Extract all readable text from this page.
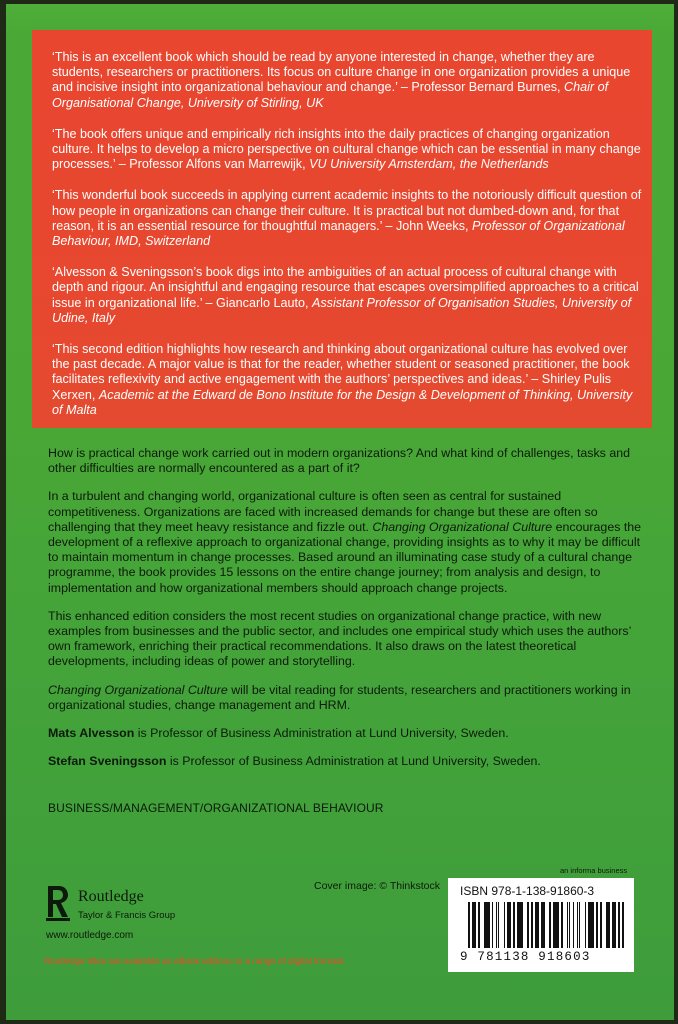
‘This is an excellent book which should be read by anyone interested in change, whether they are students, researchers or practitioners. Its focus on culture change in one organization provides a unique and incisive insight into organizational behaviour and change.’ – Professor Bernard Burnes, Chair of Organisational Change, University of Stirling, UK
‘The book offers unique and empirically rich insights into the daily practices of changing organization culture. It helps to develop a micro perspective on cultural change which can be essential in many change processes.’ – Professor Alfons van Marrewijk, VU University Amsterdam, the Netherlands
‘This wonderful book succeeds in applying current academic insights to the notoriously difficult question of how people in organizations can change their culture. It is practical but not dumbed-down and, for that reason, it is an essential resource for thoughtful managers.’ – John Weeks, Professor of Organizational Behaviour, IMD, Switzerland
‘Alvesson & Sveningsson’s book digs into the ambiguities of an actual process of cultural change with depth and rigour. An insightful and engaging resource that escapes oversimplified approaches to a critical issue in organizational life.’ – Giancarlo Lauto, Assistant Professor of Organisation Studies, University of Udine, Italy
‘This second edition highlights how research and thinking about organizational culture has evolved over the past decade. A major value is that for the reader, whether student or seasoned practitioner, the book facilitates reflexivity and active engagement with the authors’ perspectives and ideas.’ – Shirley Pulis Xerxen, Academic at the Edward de Bono Institute for the Design & Development of Thinking, University of Malta

How is practical change work carried out in modern organizations? And what kind of challenges, tasks and other difficulties are normally encountered as a part of it?

In a turbulent and changing world, organizational culture is often seen as central for sustained competitiveness. Organizations are faced with increased demands for change but these are often so challenging that they meet heavy resistance and fizzle out. Changing Organizational Culture encourages the development of a reflexive approach to organizational change, providing insights as to why it may be difficult to maintain momentum in change processes. Based around an illuminating case study of a cultural change programme, the book provides 15 lessons on the entire change journey; from analysis and design, to implementation and how organizational members should approach change projects.

This enhanced edition considers the most recent studies on organizational change practice, with new examples from businesses and the public sector, and includes one empirical study which uses the authors’ own framework, enriching their practical recommendations. It also draws on the latest theoretical developments, including ideas of power and storytelling.

Changing Organizational Culture will be vital reading for students, researchers and practitioners working in organizational studies, change management and HRM.

Mats Alvesson is Professor of Business Administration at Lund University, Sweden.

Stefan Sveningsson is Professor of Business Administration at Lund University, Sweden.

BUSINESS/MANAGEMENT/ORGANIZATIONAL BEHAVIOUR
Routledge
Taylor & Francis Group
www.routledge.com
Routledge titles are available as eBook editions in a range of digital formats
Cover image: © Thinkstock
an informa business
ISBN 978-1-138-91860-3
9 781138 918603
